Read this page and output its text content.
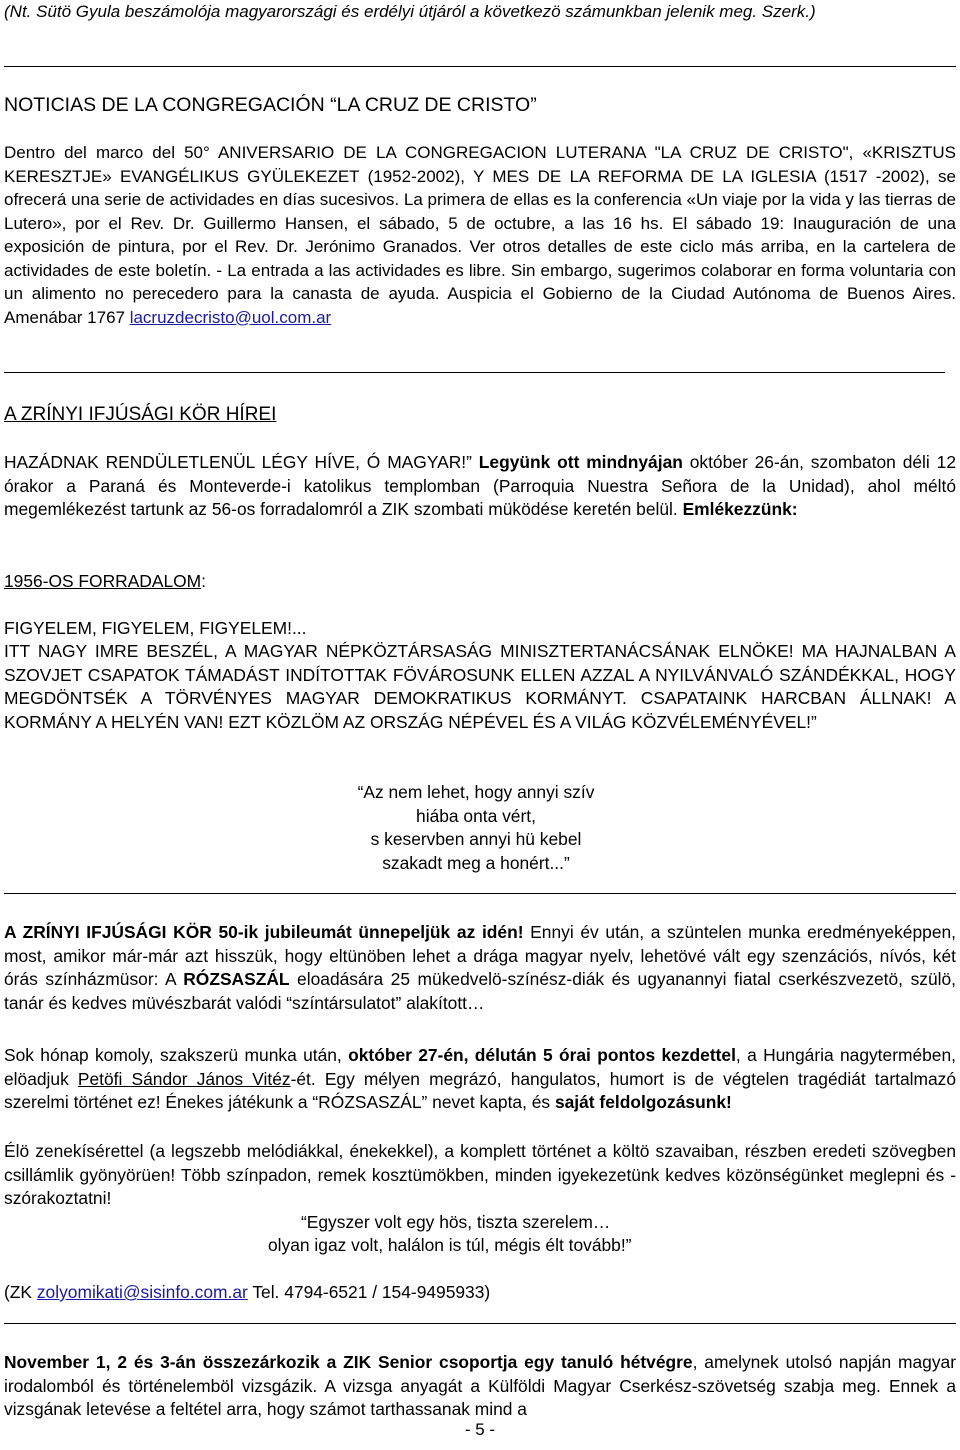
(Nt. Sütö Gyula beszámolója magyarországi és erdélyi útjáról a következö számunkban jelenik meg. Szerk.)
NOTICIAS DE LA CONGREGACIÓN “LA CRUZ DE CRISTO”
Dentro del marco del 50° ANIVERSARIO DE LA CONGREGACION LUTERANA "LA CRUZ DE CRISTO", «KRISZTUS KERESZTJE» EVANGÉLIKUS GYÜLEKEZET (1952-2002), Y MES DE LA REFORMA DE LA IGLESIA (1517 -2002), se ofrecerá una serie de actividades en días sucesivos. La primera de ellas es la conferencia «Un viaje por la vida y las tierras de Lutero», por el Rev. Dr. Guillermo Hansen, el sábado, 5 de octubre, a las 16 hs. El sábado 19: Inauguración de una exposición de pintura, por el Rev. Dr. Jerónimo Granados. Ver otros detalles de este ciclo más arriba, en la cartelera de actividades de este boletín. - La entrada a las actividades es libre. Sin embargo, sugerimos colaborar en forma voluntaria con un alimento no perecedero para la canasta de ayuda. Auspicia el Gobierno de la Ciudad Autónoma de Buenos Aires. Amenábar 1767 lacruzdecristo@uol.com.ar
A ZRÍNYI IFJÚSÁGI KÖR HÍREI
HAZÁDNAK RENDÜLETLENÜL LÉGY HÍVE, Ó MAGYAR!” Legyünk ott mindnyájan október 26-án, szombaton déli 12 órakor a Paraná és Monteverde-i katolikus templomban (Parroquia Nuestra Señora de la Unidad), ahol méltó megemlékezést tartunk az 56-os forradalomról a ZIK szombati müködése keretén belül. Emlékezzünk:
1956-OS FORRADALOM:
FIGYELEM, FIGYELEM, FIGYELEM!...
ITT NAGY IMRE BESZÉL, A MAGYAR NÉPKÖZTÁRSASÁG MINISZTERTANÁCSÁNAK ELNÖKE! MA HAJNALBAN A SZOVJET CSAPATOK TÁMADÁST INDÍTOTTAK FÖVÁROSUNK ELLEN AZZAL A NYILVÁNVALÓ SZÁNDÉKKAL, HOGY MEGDÖNTSÉK A TÖRVÉNYES MAGYAR DEMOKRATIKUS KORMÁNYT. CSAPATAINK HARCBAN ÁLLNAK! A KORMÁNY A HELYÉN VAN! EZT KÖZLÖM AZ ORSZÁG NÉPÉVEL ÉS A VILÁG KÖZVÉLEMÉNYÉVEL!”
“Az nem lehet, hogy annyi szív
hiába onta vért,
s keservben annyi hü kebel
szakadt meg a honért...”
A ZRÍNYI IFJÚSÁGI KÖR 50-ik jubileumát ünnepeljük az idén! Ennyi év után, a szüntelen munka eredményeképpen, most, amikor már-már azt hisszük, hogy eltünöben lehet a drága magyar nyelv, lehetövé vált egy szenzációs, nívós, két órás színházmüsor: A RÓZSASZÁL eloadására 25 mükedvelö-színész-diák és ugyanannyi fiatal cserkészvezetö, szülö, tanár és kedves müvészbarát valódi “színtársulatot” alakított…
Sok hónap komoly, szakszerü munka után, október 27-én, délután 5 órai pontos kezdettel, a Hungária nagytermében, elöadjuk Petöfi Sándor János Vitéz-ét. Egy mélyen megrázó, hangulatos, humort is de végtelen tragédiát tartalmazó szerelmi történet ez! Énekes játékunk a “RÓZSASZÁL” nevet kapta, és saját feldolgozásunk!
Élö zenekísérettel (a legszebb melódiákkal, énekekkel), a komplett történet a költö szavaiban, részben eredeti szövegben csillámlik gyönyörüen! Több színpadon, remek kosztümökben, minden igyekezetünk kedves közönségünket meglepni és - szórakoztatni!
“Egyszer volt egy hös, tiszta szerelem…
olyan igaz volt, halálon is túl, mégis élt tovább!”
(ZK zolyomikati@sisinfo.com.ar Tel. 4794-6521 / 154-9495933)
November 1, 2 és 3-án összezárkozik a ZIK Senior csoportja egy tanuló hétvégre, amelynek utolsó napján magyar irodalomból és történelemböl vizsgázik. A vizsga anyagát a Külföldi Magyar Cserkész-szövetség szabja meg. Ennek a vizsgának letevése a feltétel arra, hogy számot tarthassanak mind a
- 5 -
